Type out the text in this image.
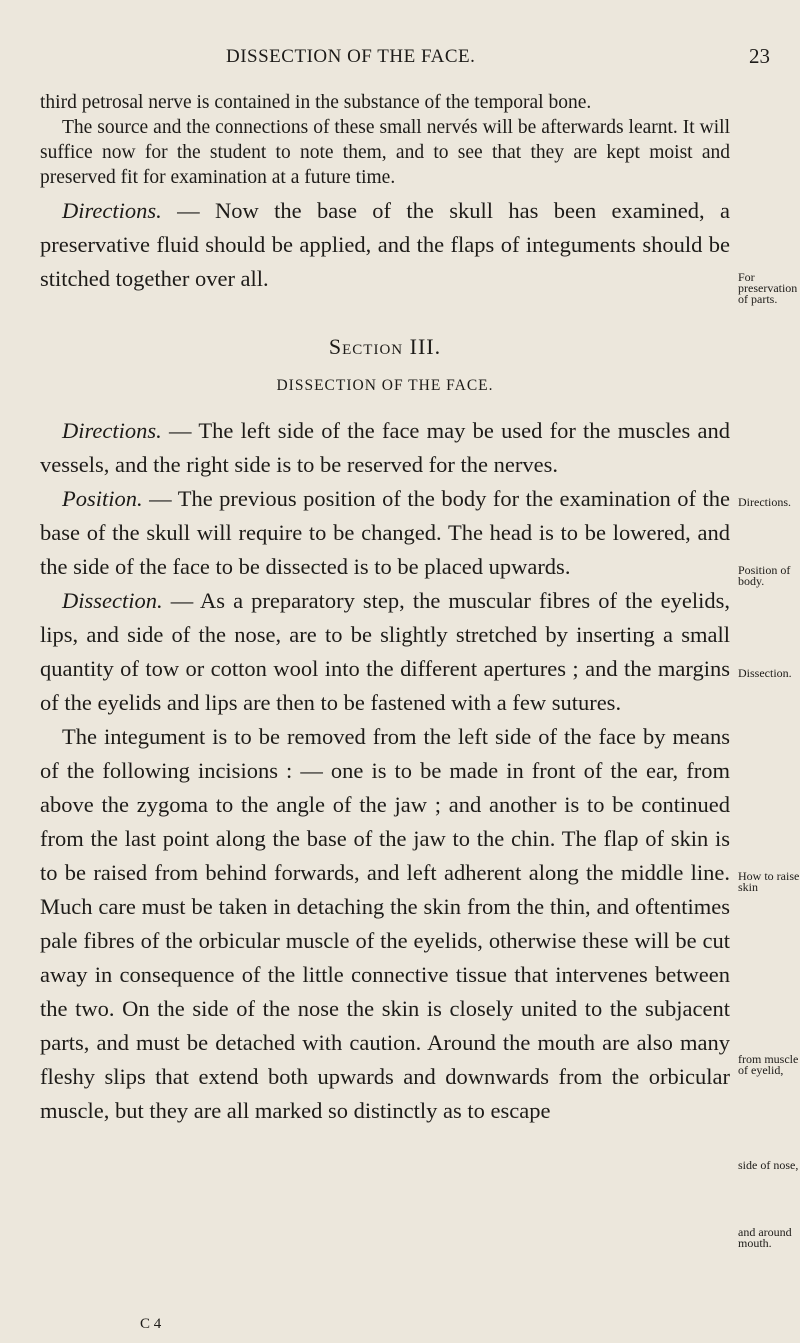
DISSECTION OF THE FACE.	23

third petrosal nerve is contained in the substance of the temporal bone.

The source and the connections of these small nervés will be afterwards learnt. It will suffice now for the student to note them, and to see that they are kept moist and preserved fit for examination at a future time.

Directions. — Now the base of the skull has been examined, a preservative fluid should be applied, and the flaps of integuments should be stitched together over all.

Section III.

DISSECTION OF THE FACE.

Directions. — The left side of the face may be used for the muscles and vessels, and the right side is to be reserved for the nerves.

Position. — The previous position of the body for the examination of the base of the skull will require to be changed. The head is to be lowered, and the side of the face to be dissected is to be placed upwards.

Dissection. — As a preparatory step, the muscular fibres of the eyelids, lips, and side of the nose, are to be slightly stretched by inserting a small quantity of tow or cotton wool into the different apertures ; and the margins of the eyelids and lips are then to be fastened with a few sutures.

The integument is to be removed from the left side of the face by means of the following incisions : — one is to be made in front of the ear, from above the zygoma to the angle of the jaw ; and another is to be continued from the last point along the base of the jaw to the chin. The flap of skin is to be raised from behind forwards, and left adherent along the middle line. Much care must be taken in detaching the skin from the thin, and oftentimes pale fibres of the orbicular muscle of the eyelids, otherwise these will be cut away in consequence of the little connective tissue that intervenes between the two. On the side of the nose the skin is closely united to the subjacent parts, and must be detached with caution. Around the mouth are also many fleshy slips that extend both upwards and downwards from the orbicular muscle, but they are all marked so distinctly as to escape

For preservation of parts.
Directions.
Position of body.
Dissection.
How to raise skin
from muscle of eyelid,
side of nose,
and around mouth.
C 4
